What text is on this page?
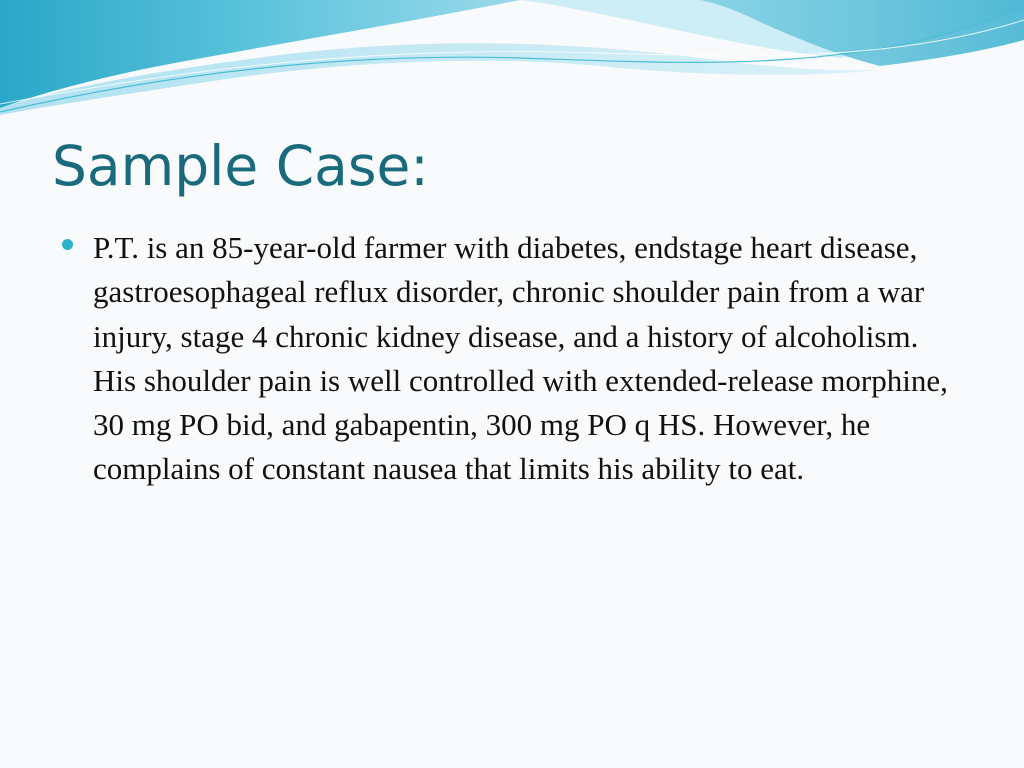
Sample Case:
P.T. is an 85-year-old farmer with diabetes, endstage heart disease, gastroesophageal reflux disorder, chronic shoulder pain from a war injury, stage 4 chronic kidney disease, and a history of alcoholism. His shoulder pain is well controlled with extended-release morphine, 30 mg PO bid, and gabapentin, 300 mg PO q HS. However, he complains of constant nausea that limits his ability to eat.
